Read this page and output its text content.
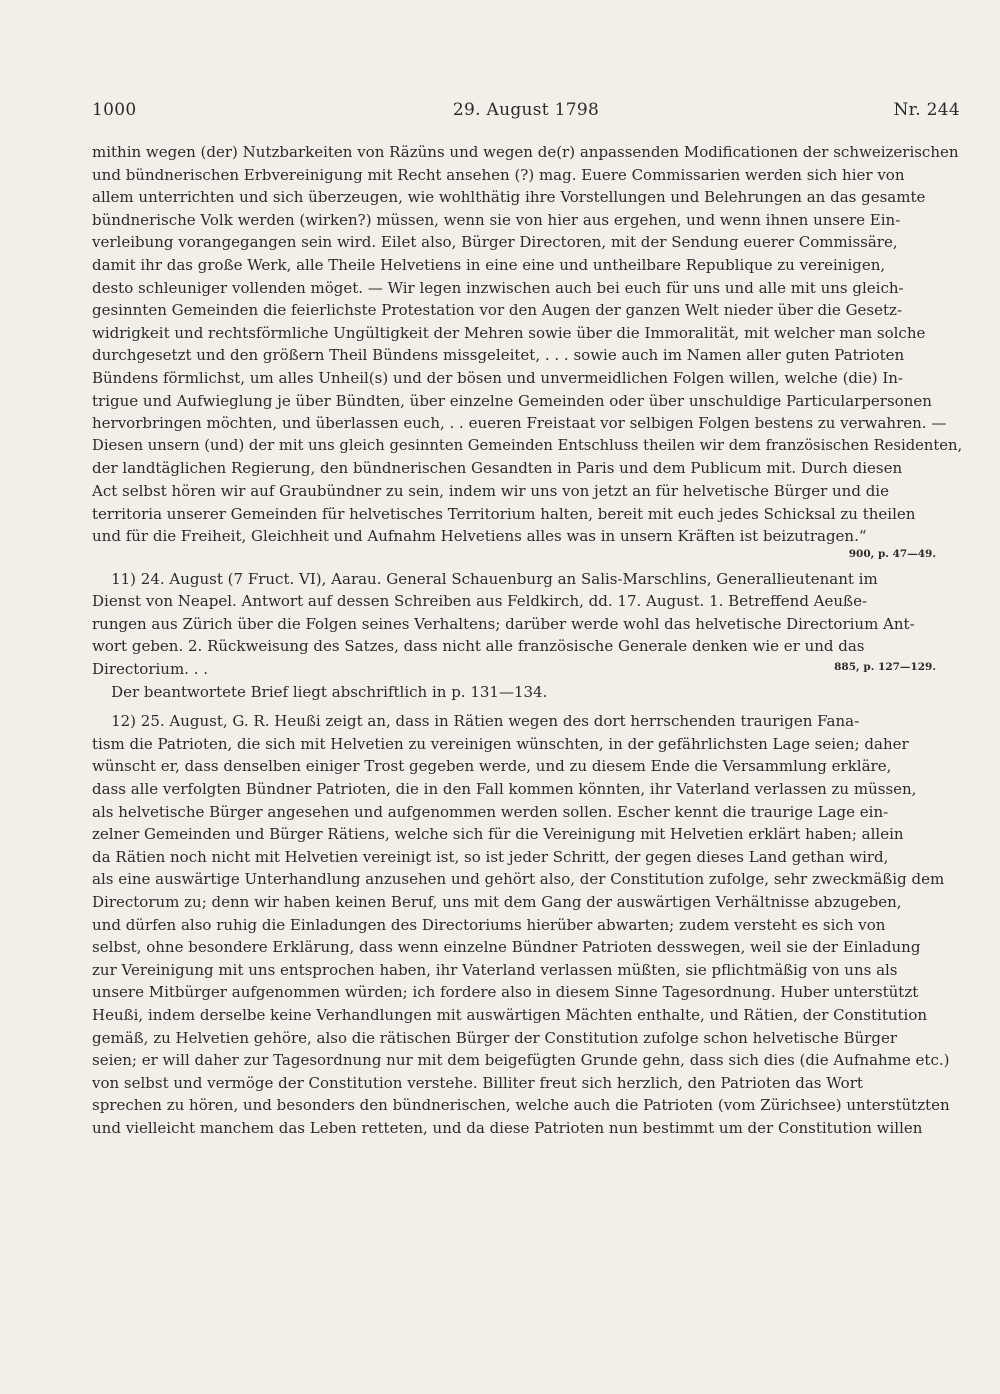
1000	29. August 1798	Nr. 244
mithin wegen (der) Nutzbarkeiten von Räzüns und wegen de(r) anpassenden Modificationen der schweizerischen
und bündnerischen Erbvereinigung mit Recht ansehen (?) mag. Euere Commissarien werden sich hier von
allem unterrichten und sich überzeugen, wie wohlthätig ihre Vorstellungen und Belehrungen an das gesamte
bündnerische Volk werden (wirken?) müssen, wenn sie von hier aus ergehen, und wenn ihnen unsere Ein-
verleibung vorangegangen sein wird. Eilet also, Bürger Directoren, mit der Sendung euerer Commissäre,
damit ihr das große Werk, alle Theile Helvetiens in eine eine und untheilbare Republique zu vereinigen,
desto schleuniger vollenden möget. — Wir legen inzwischen auch bei euch für uns und alle mit uns gleich-
gesinnten Gemeinden die feierlichste Protestation vor den Augen der ganzen Welt nieder über die Gesetz-
widrigkeit und rechtsförmliche Ungültigkeit der Mehren sowie über die Immoralität, mit welcher man solche
durchgesetzt und den größern Theil Bündens missgeleitet, . . . sowie auch im Namen aller guten Patrioten
Bündens förmlichst, um alles Unheil(s) und der bösen und unvermeidlichen Folgen willen, welche (die) In-
trigue und Aufwieglung je über Bündten, über einzelne Gemeinden oder über unschuldige Particularpersonen
hervorbringen möchten, und überlassen euch, . . eueren Freistaat vor selbigen Folgen bestens zu verwahren. —
Diesen unsern (und) der mit uns gleich gesinnten Gemeinden Entschluss theilen wir dem französischen Residenten,
der landtäglichen Regierung, den bündnerischen Gesandten in Paris und dem Publicum mit. Durch diesen
Act selbst hören wir auf Graubündner zu sein, indem wir uns von jetzt an für helvetische Bürger und die
territoria unserer Gemeinden für helvetisches Territorium halten, bereit mit euch jedes Schicksal zu theilen
und für die Freiheit, Gleichheit und Aufnahm Helvetiens alles was in unsern Kräften ist beizutragen.“
900, p. 47—49.
11) 24. August (7 Fruct. VI), Aarau. General Schauenburg an Salis-Marschlins, Generallieutenant im
Dienst von Neapel. Antwort auf dessen Schreiben aus Feldkirch, dd. 17. August. 1. Betreffend Aeuße-
rungen aus Zürich über die Folgen seines Verhaltens; darüber werde wohl das helvetische Directorium Ant-
wort geben. 2. Rückweisung des Satzes, dass nicht alle französische Generale denken wie er und das
Directorium. . .	885, p. 127—129.
Der beantwortete Brief liegt abschriftlich in p. 131—134.
12) 25. August, G. R. Heußi zeigt an, dass in Rätien wegen des dort herrschenden traurigen Fana-
tism die Patrioten, die sich mit Helvetien zu vereinigen wünschten, in der gefährlichsten Lage seien; daher
wünscht er, dass denselben einiger Trost gegeben werde, und zu diesem Ende die Versammlung erkläre,
dass alle verfolgten Bündner Patrioten, die in den Fall kommen könnten, ihr Vaterland verlassen zu müssen,
als helvetische Bürger angesehen und aufgenommen werden sollen. Escher kennt die traurige Lage ein-
zelner Gemeinden und Bürger Rätiens, welche sich für die Vereinigung mit Helvetien erklärt haben; allein
da Rätien noch nicht mit Helvetien vereinigt ist, so ist jeder Schritt, der gegen dieses Land gethan wird,
als eine auswärtige Unterhandlung anzusehen und gehört also, der Constitution zufolge, sehr zweckmäßig dem
Directorum zu; denn wir haben keinen Beruf, uns mit dem Gang der auswärtigen Verhältnisse abzugeben,
und dürfen also ruhig die Einladungen des Directoriums hierüber abwarten; zudem versteht es sich von
selbst, ohne besondere Erklärung, dass wenn einzelne Bündner Patrioten desswegen, weil sie der Einladung
zur Vereinigung mit uns entsprochen haben, ihr Vaterland verlassen müßten, sie pflichtmäßig von uns als
unsere Mitbürger aufgenommen würden; ich fordere also in diesem Sinne Tagesordnung. Huber unterstützt
Heußi, indem derselbe keine Verhandlungen mit auswärtigen Mächten enthalte, und Rätien, der Constitution
gemäß, zu Helvetien gehöre, also die rätischen Bürger der Constitution zufolge schon helvetische Bürger
seien; er will daher zur Tagesordnung nur mit dem beigefügten Grunde gehn, dass sich dies (die Aufnahme etc.)
von selbst und vermöge der Constitution verstehe. Billiter freut sich herzlich, den Patrioten das Wort
sprechen zu hören, und besonders den bündnerischen, welche auch die Patrioten (vom Zürichsee) unterstützten
und vielleicht manchem das Leben retteten, und da diese Patrioten nun bestimmt um der Constitution willen
